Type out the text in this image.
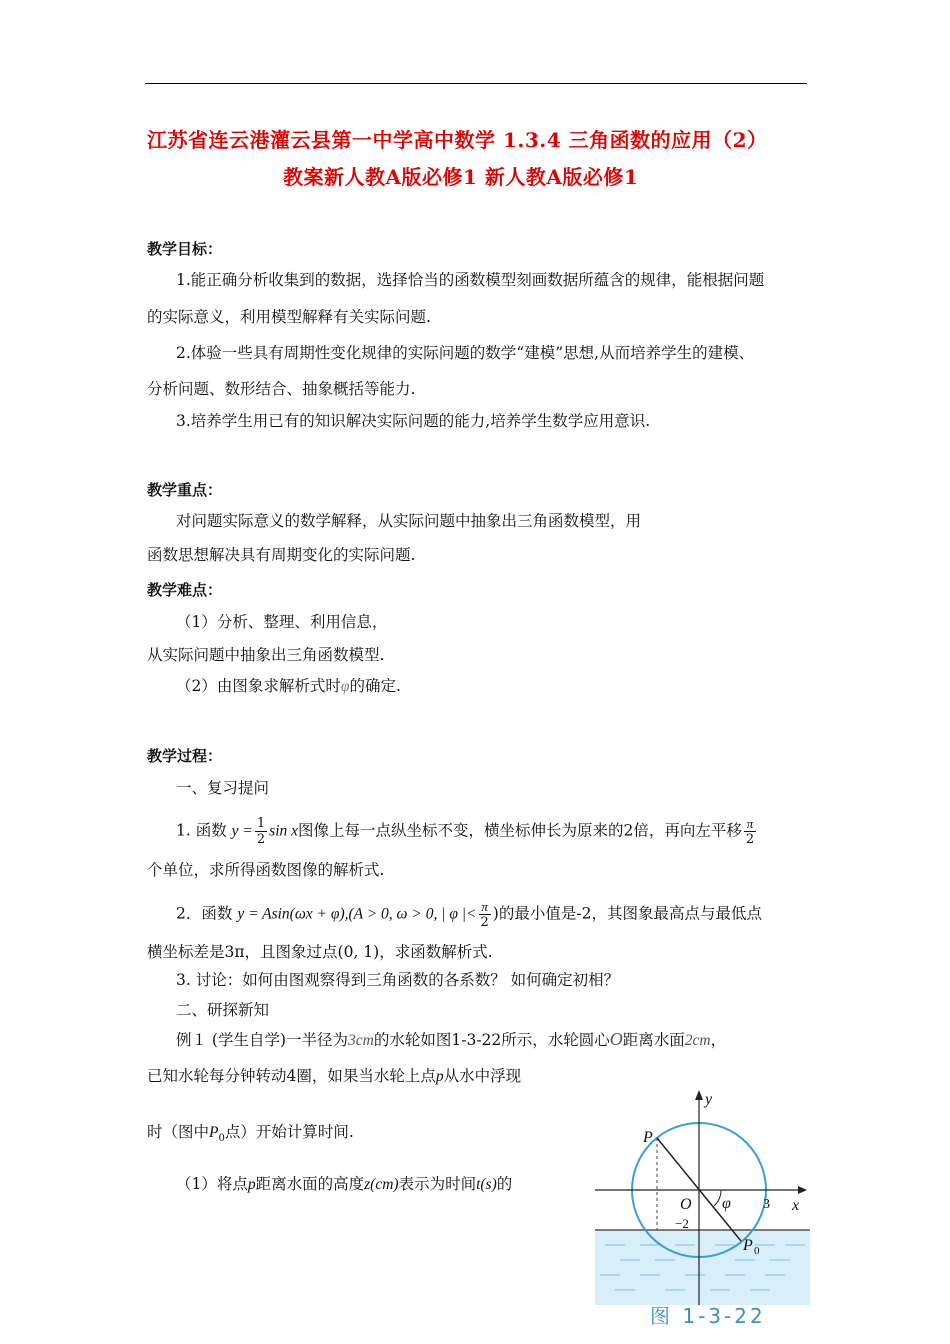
江苏省连云港灌云县第一中学高中数学 1.3.4 三角函数的应用（2）
教案新人教A版必修1 新人教A版必修1
教学目标：
1.能正确分析收集到的数据，选择恰当的函数模型刻画数据所蕴含的规律，能根据问题
的实际意义，利用模型解释有关实际问题.
2.体验一些具有周期性变化规律的实际问题的数学“建模”思想,从而培养学生的建模、
分析问题、数形结合、抽象概括等能力.
3.培养学生用已有的知识解决实际问题的能力,培养学生数学应用意识.
教学重点：
对问题实际意义的数学解释，从实际问题中抽象出三角函数模型，用
函数思想解决具有周期变化的实际问题.
教学难点：
（1）分析、整理、利用信息，
从实际问题中抽象出三角函数模型.
（2）由图象求解析式时φ的确定.
教学过程：
一、复习提问
1. 函数 $y = \frac{1}{2}$ sin x图像上每一点纵坐标不变，横坐标伸长为原来的2倍，再向左平移 $\frac{\pi}{2}$
个单位，求所得函数图像的解析式.
2．函数 y = Asin(ωx + φ),(A > 0, ω > 0, | φ |< $\frac{\pi}{2}$ )的最小值是-2，其图象最高点与最低点
横坐标差是3π，且图象过点(0, 1)，求函数解析式.
3. 讨论：如何由图观察得到三角函数的各系数？ 如何确定初相？
二、研探新知
例１ (学生自学)一半径为3cm的水轮如图1-3-22所示，水轮圆心O距离水面2cm，
已知水轮每分钟转动4圈，如果当水轮上点p从水中浮现
时（图中$P_0$点）开始计算时间.
（1）将点p距离水面的高度z(cm)表示为时间t(s)的
P
y
x
O φ 3
−2
P 0
图 1-3-22
